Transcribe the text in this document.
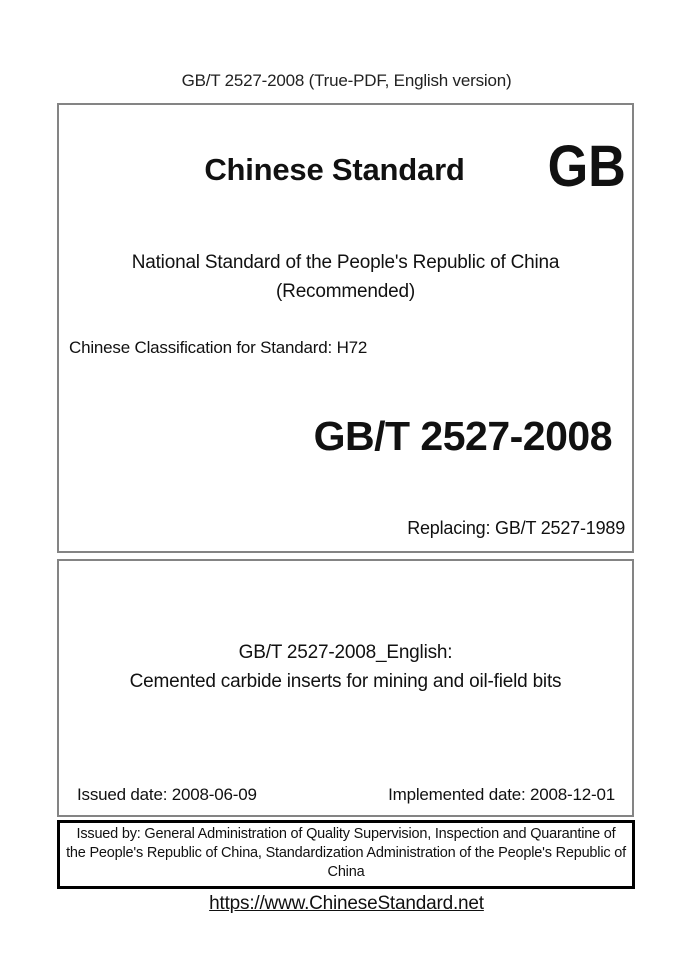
GB/T 2527-2008 (True-PDF, English version)
Chinese Standard	GB
National Standard of the People's Republic of China
(Recommended)
Chinese Classification for Standard: H72
GB/T 2527-2008
Replacing: GB/T 2527-1989
GB/T 2527-2008_English:
Cemented carbide inserts for mining and oil-field bits
Issued date: 2008-06-09	Implemented date: 2008-12-01
Issued by: General Administration of Quality Supervision, Inspection and Quarantine of
the People's Republic of China, Standardization Administration of the People's Republic of
China
https://www.ChineseStandard.net
